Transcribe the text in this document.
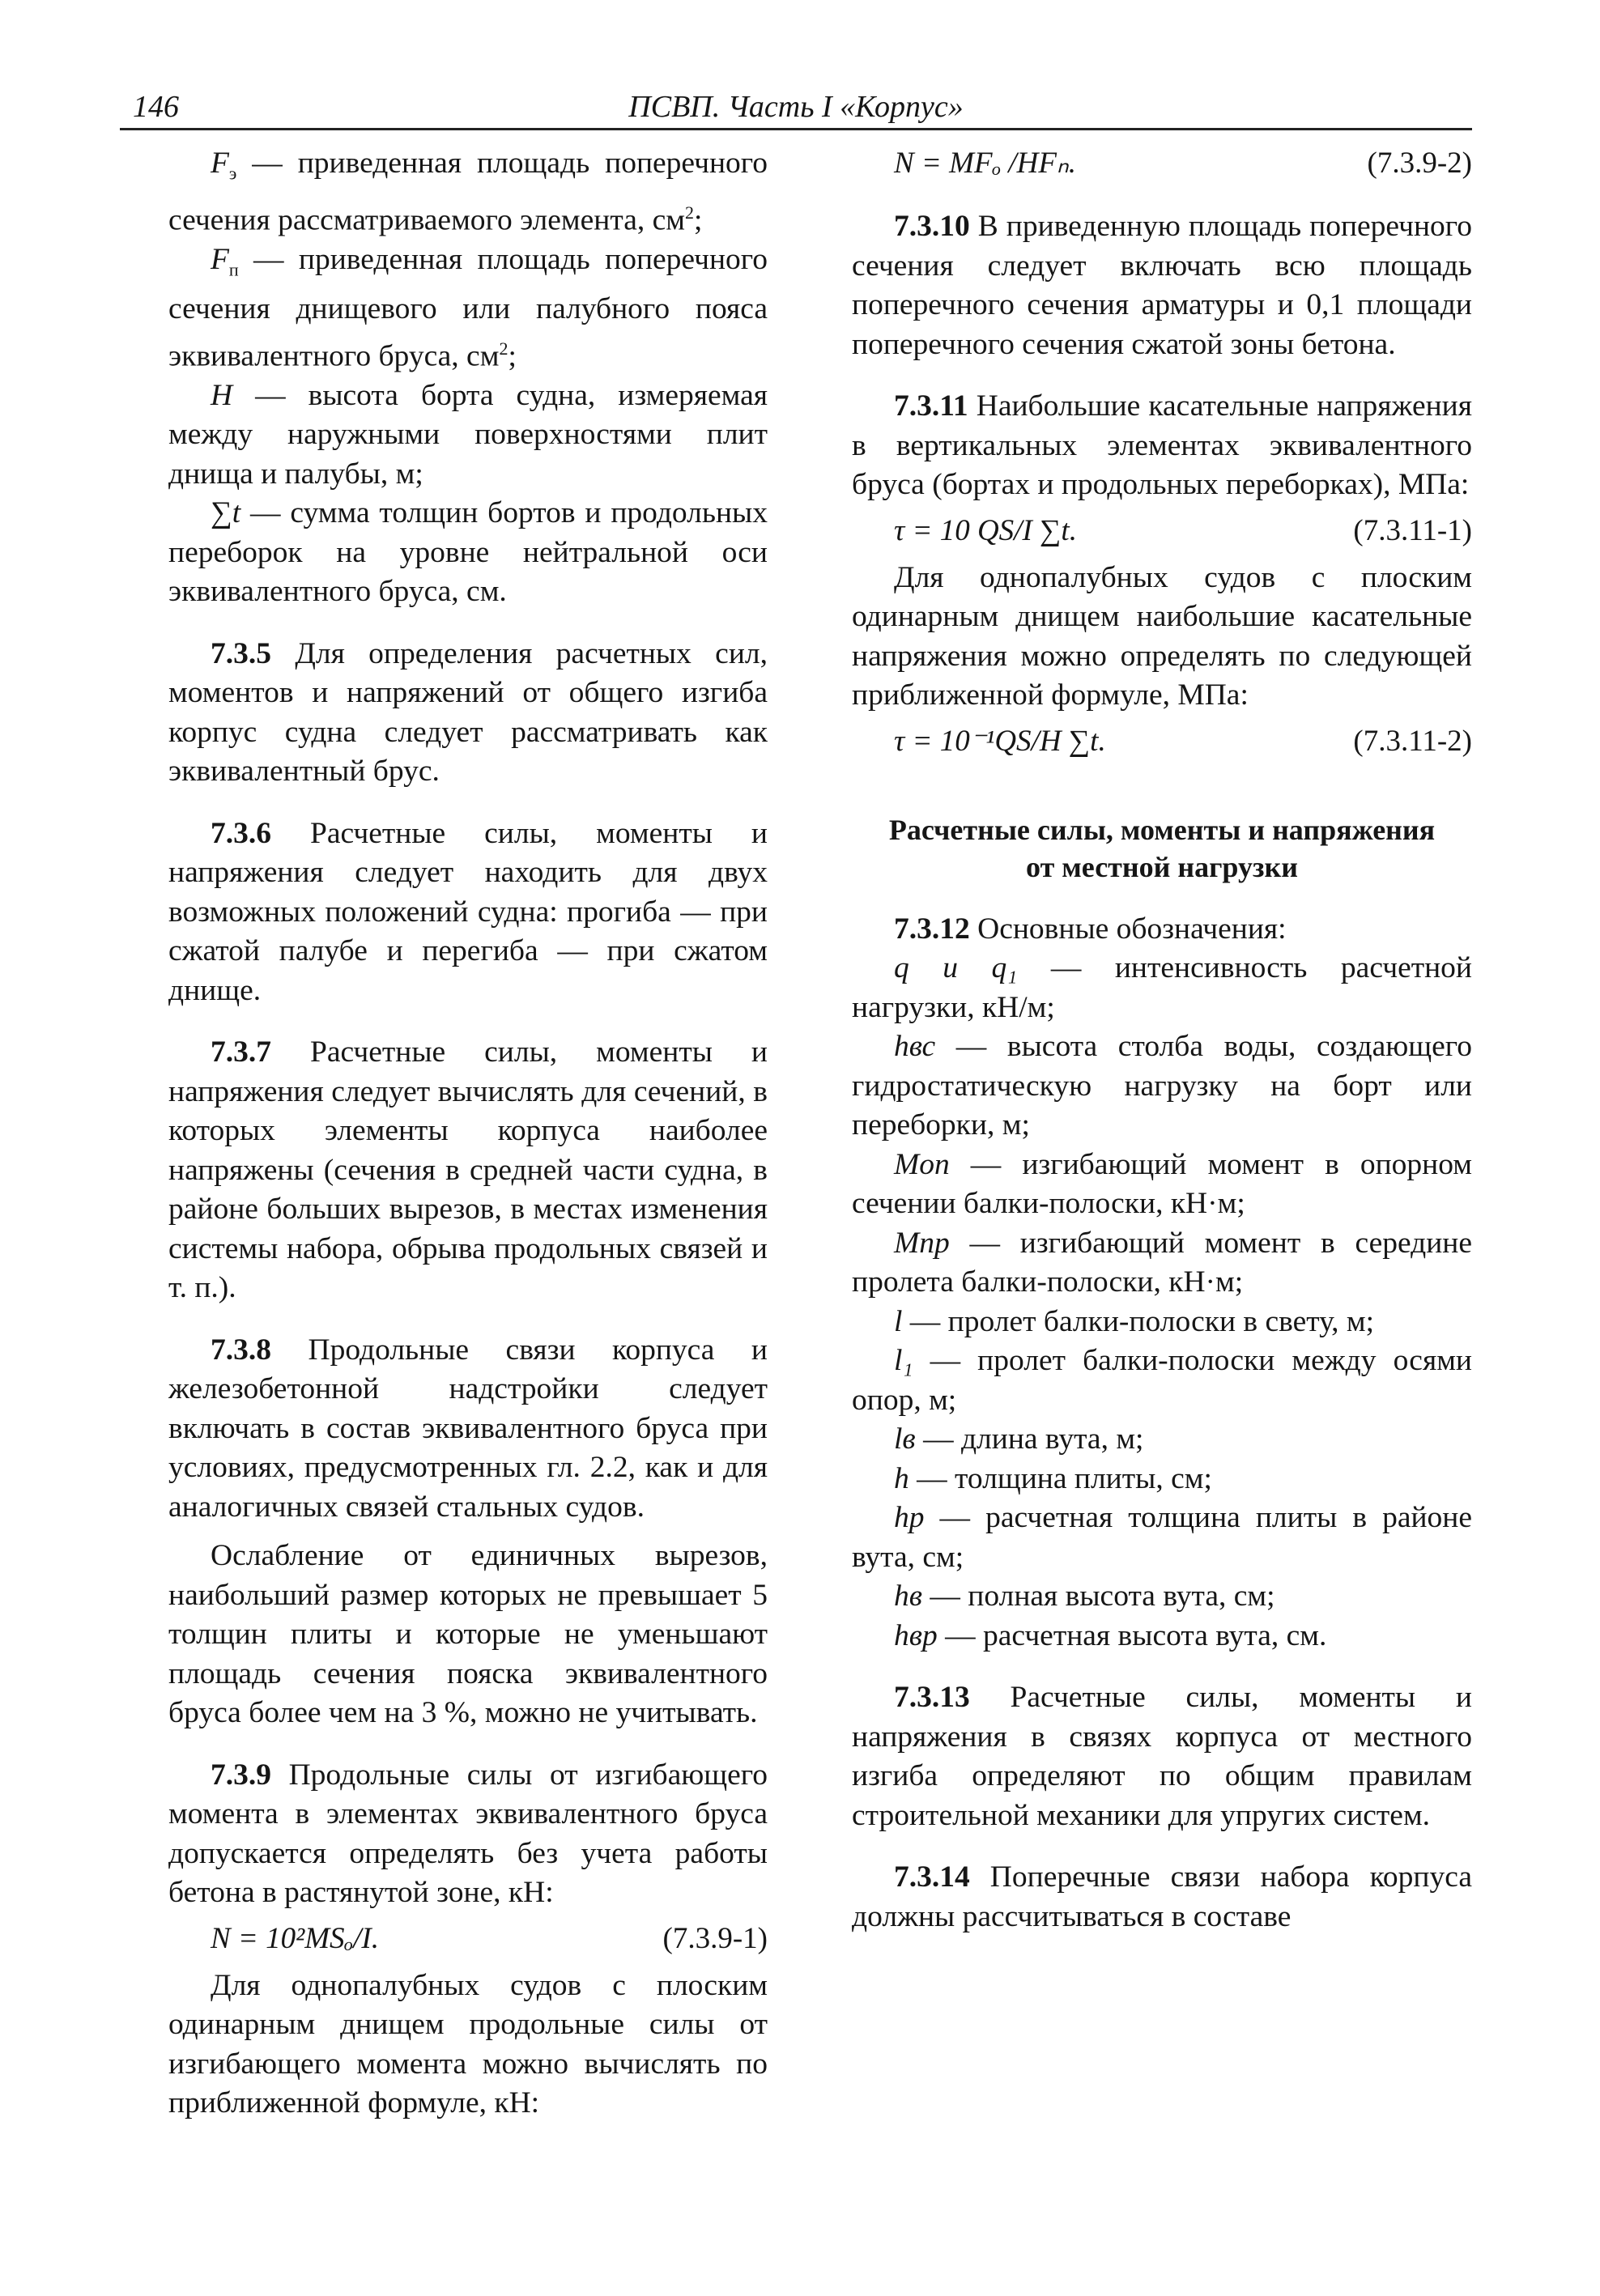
146	ПСВП. Часть I «Корпус»

$F_э$ — приведенная площадь поперечного сечения рассматриваемого элемента, $см^2$;

$F_п$ — приведенная площадь поперечного сечения днищевого или палубного пояса эквивалентного бруса, $см^2$;

H — высота борта судна, измеряемая между наружными поверхностями плит днища и палубы, м;

∑t — сумма толщин бортов и продольных переборок на уровне нейтральной оси эквивалентного бруса, см.

7.3.5 Для определения расчетных сил, моментов и напряжений от общего изгиба корпус судна следует рассматривать как эквивалентный брус.

7.3.6 Расчетные силы, моменты и напряжения следует находить для двух возможных положений судна: прогиба — при сжатой палубе и перегиба — при сжатом днище.

7.3.7 Расчетные силы, моменты и напряжения следует вычислять для сечений, в которых элементы корпуса наиболее напряжены (сечения в средней части судна, в районе больших вырезов, в местах изменения системы набора, обрыва продольных связей и т. п.).

7.3.8 Продольные связи корпуса и железобетонной надстройки следует включать в состав эквивалентного бруса при условиях, предусмотренных гл. 2.2, как и для аналогичных связей стальных судов.

Ослабление от единичных вырезов, наибольший размер которых не превышает 5 толщин плиты и которые не уменьшают площадь сечения пояска эквивалентного бруса более чем на 3 %, можно не учитывать.

7.3.9 Продольные силы от изгибающего момента в элементах эквивалентного бруса допускается определять без учета работы бетона в растянутой зоне, кН:

N = 10²MSₒ/I.	(7.3.9-1)

Для однопалубных судов с плоским одинарным днищем продольные силы от изгибающего момента можно вычислять по приближенной формуле, кН:

N = MFₒ /HFₙ.	(7.3.9-2)

7.3.10 В приведенную площадь поперечного сечения следует включать всю площадь поперечного сечения арматуры и 0,1 площади поперечного сечения сжатой зоны бетона.

7.3.11 Наибольшие касательные напряжения в вертикальных элементах эквивалентного бруса (бортах и продольных переборках), МПа:

τ = 10 QS/I ∑t.	(7.3.11-1)

Для однопалубных судов с плоским одинарным днищем наибольшие касательные напряжения можно определять по следующей приближенной формуле, МПа:

τ = 10⁻¹QS/H ∑t.	(7.3.11-2)
Расчетные силы, моменты и напряжения
от местной нагрузки

7.3.12 Основные обозначения:

q и q₁ — интенсивность расчетной нагрузки, кН/м;

hвс — высота столба воды, создающего гидростатическую нагрузку на борт или переборки, м;

Mоп — изгибающий момент в опорном сечении балки-полоски, кН·м;

Mпр — изгибающий момент в середине пролета балки-полоски, кН·м;

l — пролет балки-полоски в свету, м;

l₁ — пролет балки-полоски между осями опор, м;

lв — длина вута, м;

h — толщина плиты, см;

hр — расчетная толщина плиты в районе вута, см;

hв — полная высота вута, см;

hвр — расчетная высота вута, см.

7.3.13 Расчетные силы, моменты и напряжения в связях корпуса от местного изгиба определяют по общим правилам строительной механики для упругих систем.

7.3.14 Поперечные связи набора корпуса должны рассчитываться в составе
